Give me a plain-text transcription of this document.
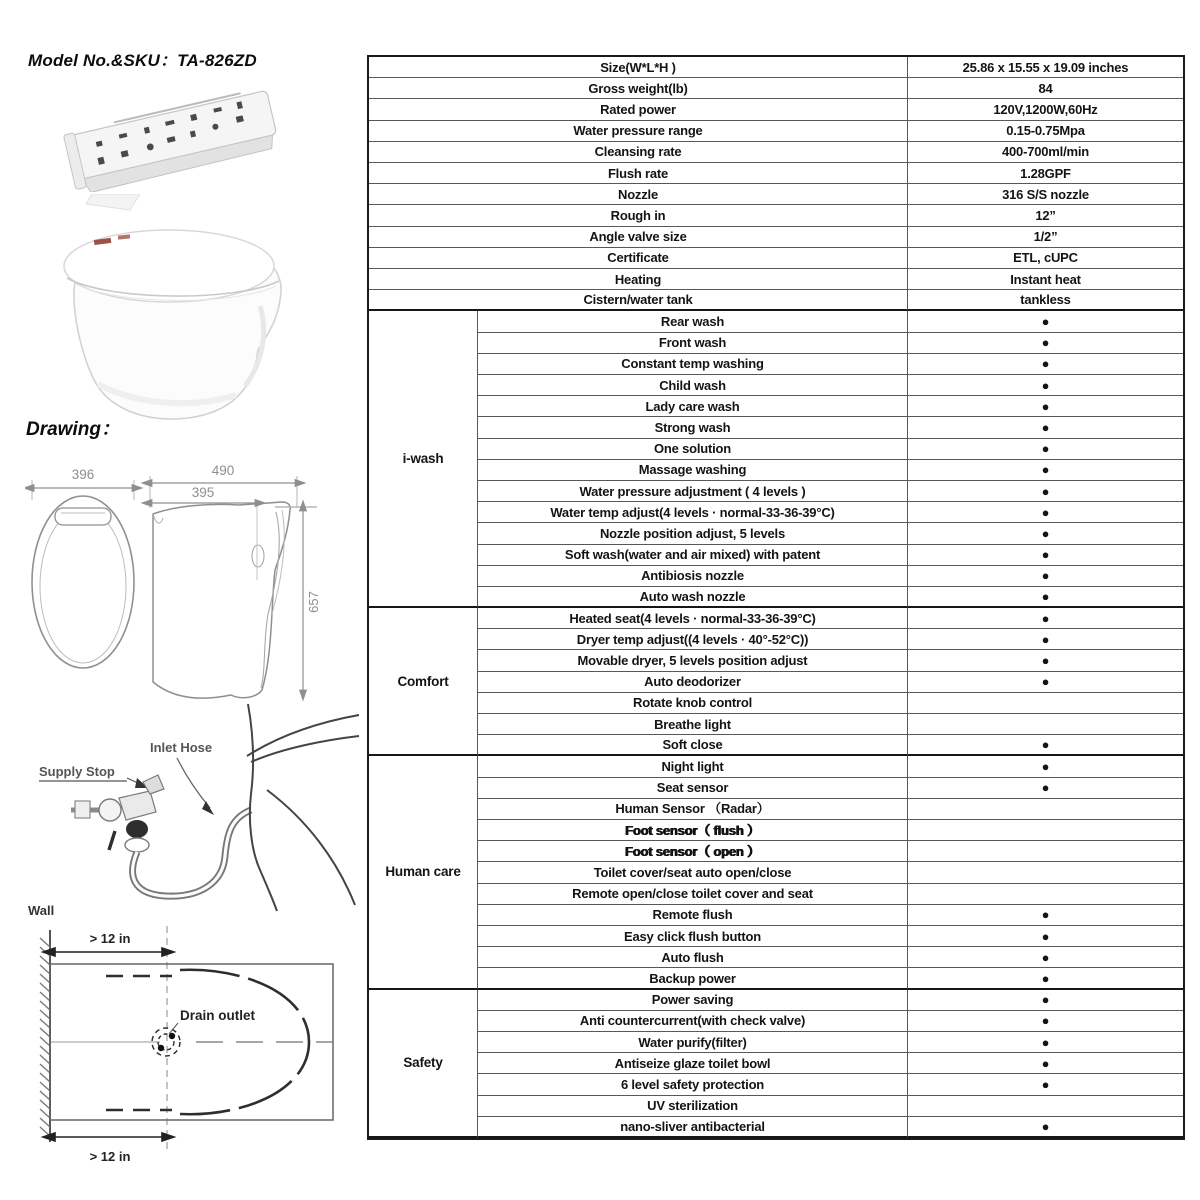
Model No.&SKU：TA-826ZD
Drawing：
396	490
395
657
Inlet Hose
Supply Stop
Wall
Drain outlet
> 12 in
> 12 in
Size(W*L*H )	25.86 x 15.55 x 19.09 inches
Gross weight(lb)	84
Rated power	120V,1200W,60Hz
Water pressure range	0.15-0.75Mpa
Cleansing rate	400-700ml/min
Flush rate	1.28GPF
Nozzle	316 S/S nozzle
Rough in	12”
Angle valve size	1/2”
Certificate	ETL, cUPC
Heating	Instant heat
Cistern/water tank	tankless
i-wash
Rear wash	●
Front wash	●
Constant temp washing	●
Child wash	●
Lady care wash	●
Strong wash	●
One solution	●
Massage washing	●
Water pressure adjustment ( 4 levels )	●
Water temp adjust(4 levels · normal-33-36-39°C)	●
Nozzle position adjust, 5 levels	●
Soft wash(water and air mixed) with patent	●
Antibiosis nozzle	●
Auto wash nozzle	●
Comfort
Heated seat(4 levels · normal-33-36-39°C)	●
Dryer temp adjust((4 levels · 40°-52°C))	●
Movable dryer, 5 levels position adjust	●
Auto deodorizer	●
Rotate knob control
Breathe light
Soft close	●
Human care
Night light	●
Seat sensor	●
Human Sensor （Radar）
Foot sensor（ flush ）
Foot sensor（ open ）
Toilet cover/seat auto open/close
Remote open/close toilet cover and seat
Remote flush	●
Easy click flush button	●
Auto flush	●
Backup power	●
Safety
Power saving	●
Anti countercurrent(with check valve)	●
Water purify(filter)	●
Antiseize glaze toilet bowl	●
6 level safety protection	●
UV sterilization
nano-sliver antibacterial	●
